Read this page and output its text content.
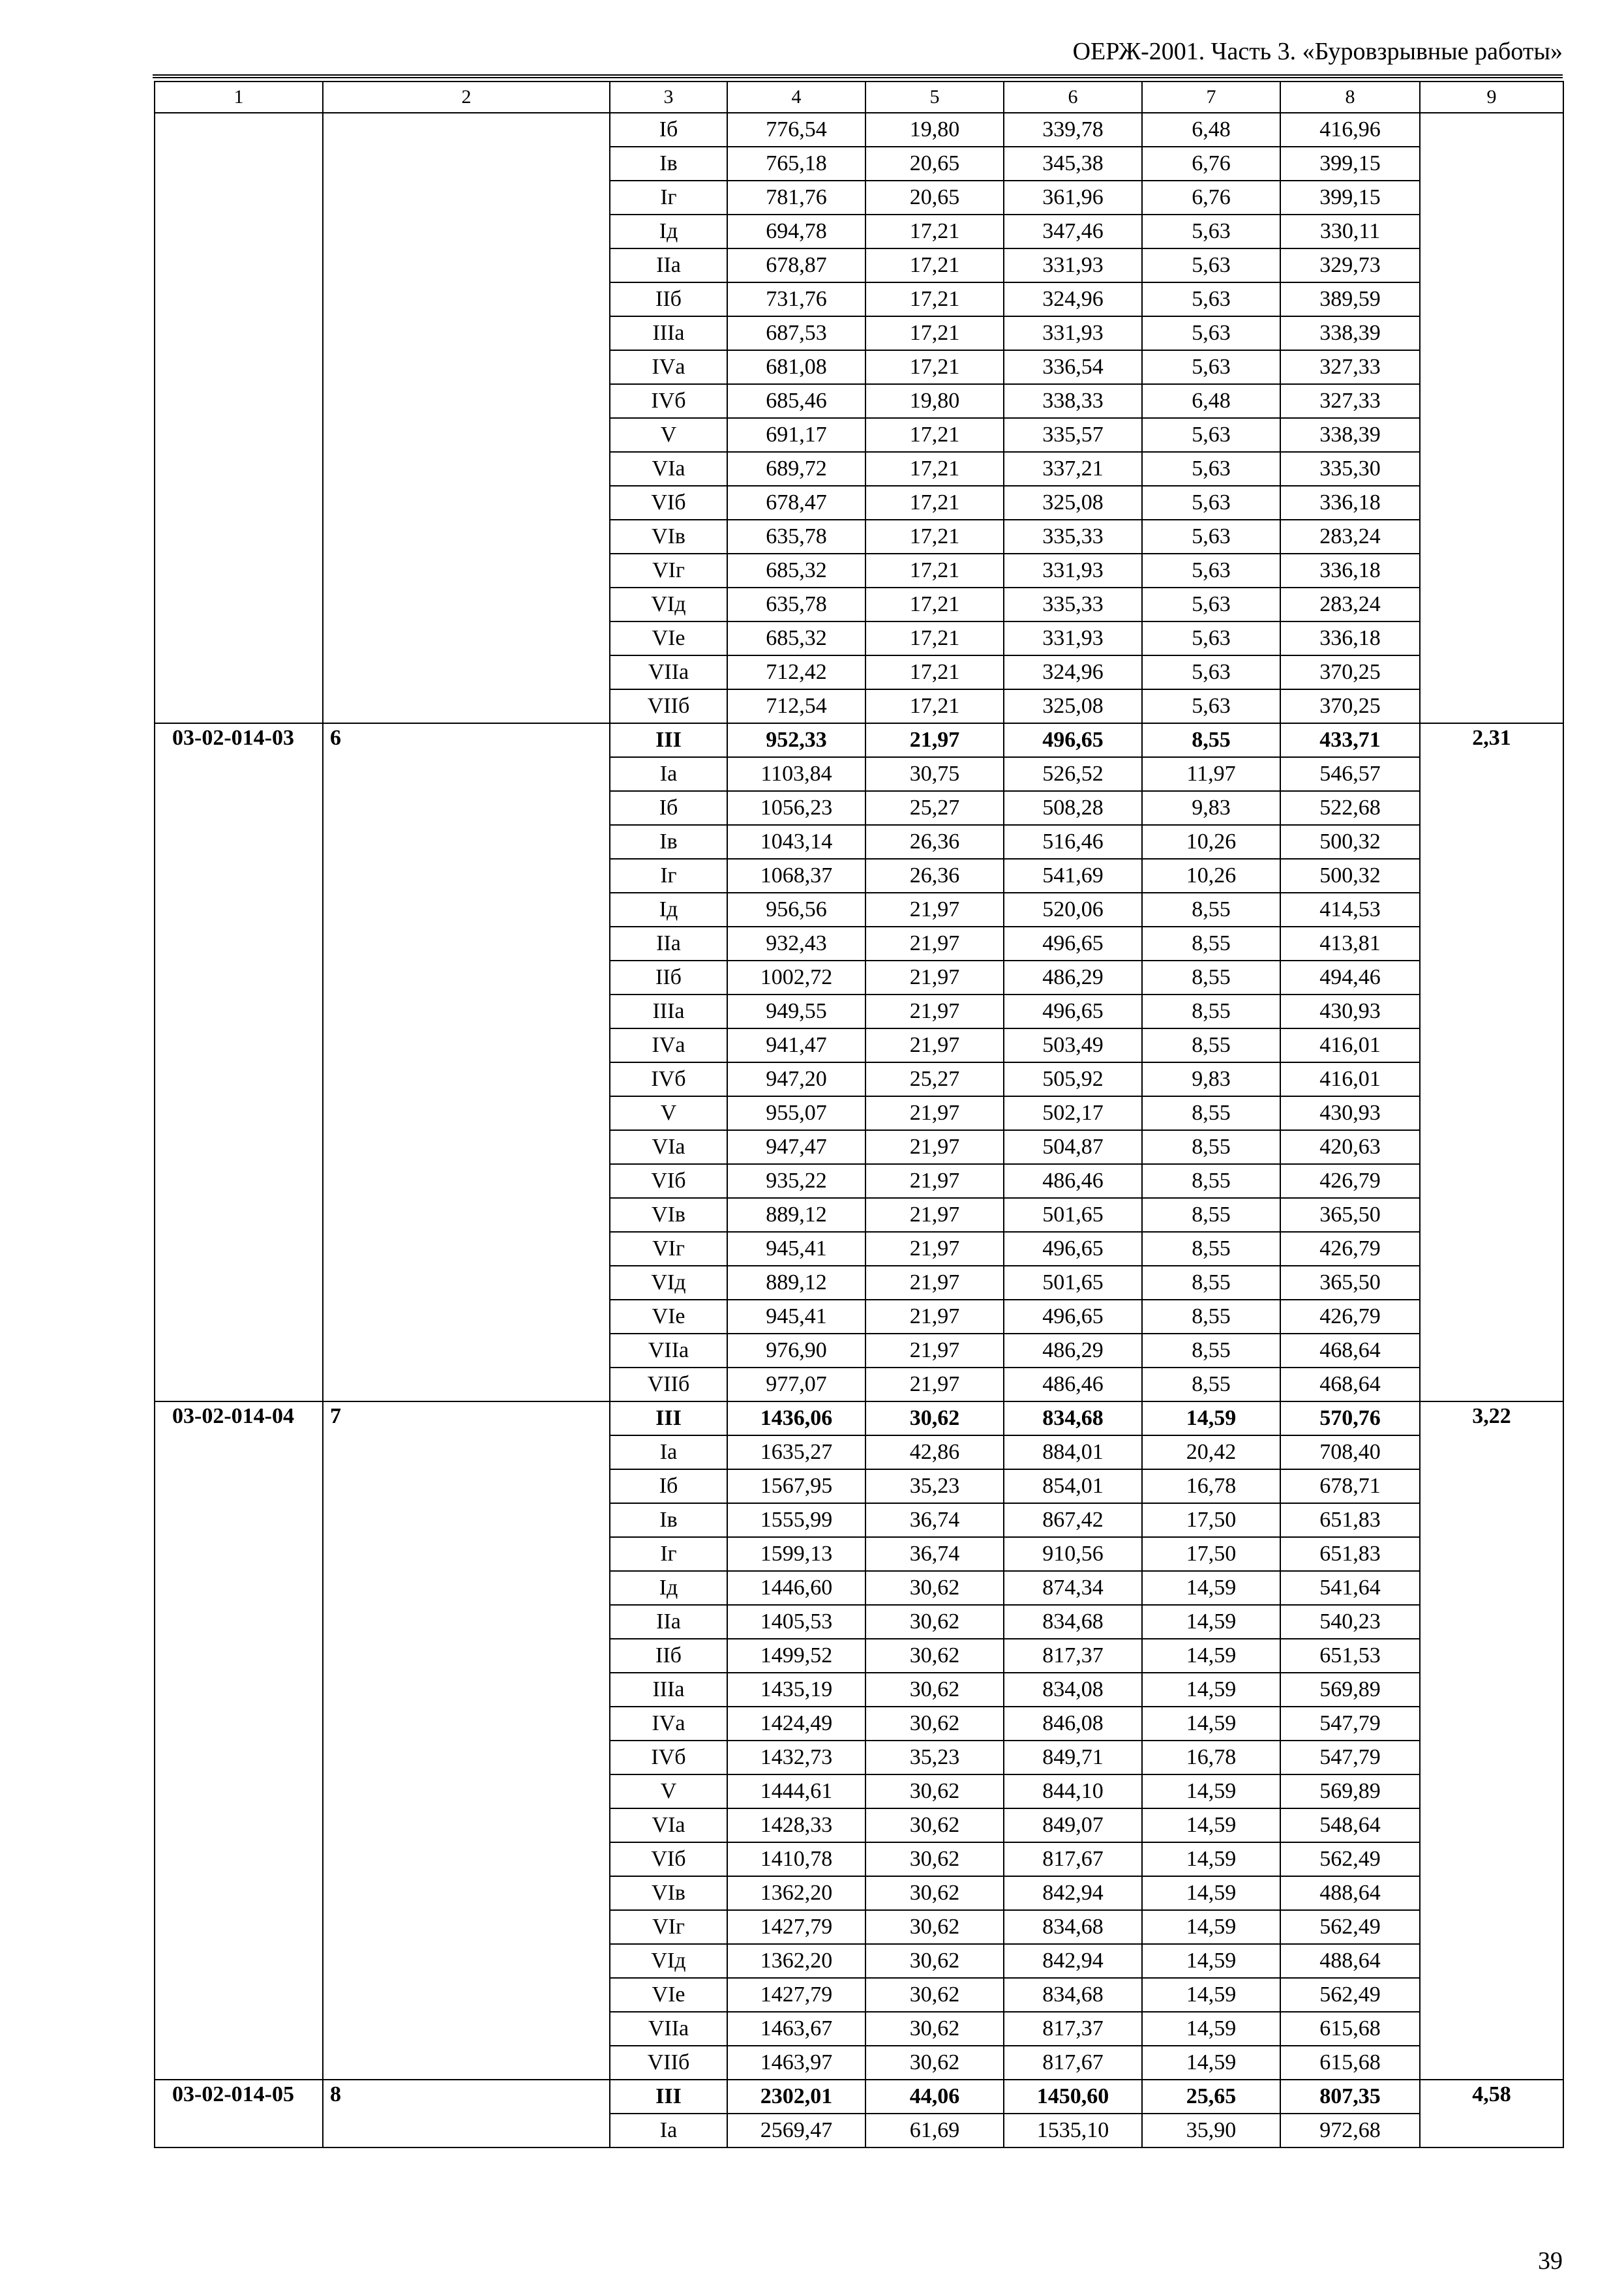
ОЕРЖ-2001. Часть 3. «Буровзрывные работы»
1	2	3	4	5	6	7	8	9
		Iб	776,54	19,80	339,78	6,48	416,96	
		Iв	765,18	20,65	345,38	6,76	399,15	
		Iг	781,76	20,65	361,96	6,76	399,15	
		Iд	694,78	17,21	347,46	5,63	330,11	
		IIа	678,87	17,21	331,93	5,63	329,73	
		IIб	731,76	17,21	324,96	5,63	389,59	
		IIIа	687,53	17,21	331,93	5,63	338,39	
		IVа	681,08	17,21	336,54	5,63	327,33	
		IVб	685,46	19,80	338,33	6,48	327,33	
		V	691,17	17,21	335,57	5,63	338,39	
		VIа	689,72	17,21	337,21	5,63	335,30	
		VIб	678,47	17,21	325,08	5,63	336,18	
		VIв	635,78	17,21	335,33	5,63	283,24	
		VIг	685,32	17,21	331,93	5,63	336,18	
		VIд	635,78	17,21	335,33	5,63	283,24	
		VIе	685,32	17,21	331,93	5,63	336,18	
		VIIа	712,42	17,21	324,96	5,63	370,25	
		VIIб	712,54	17,21	325,08	5,63	370,25	
03-02-014-03	6	III	952,33	21,97	496,65	8,55	433,71	2,31
		Iа	1103,84	30,75	526,52	11,97	546,57	
		Iб	1056,23	25,27	508,28	9,83	522,68	
		Iв	1043,14	26,36	516,46	10,26	500,32	
		Iг	1068,37	26,36	541,69	10,26	500,32	
		Iд	956,56	21,97	520,06	8,55	414,53	
		IIа	932,43	21,97	496,65	8,55	413,81	
		IIб	1002,72	21,97	486,29	8,55	494,46	
		IIIа	949,55	21,97	496,65	8,55	430,93	
		IVа	941,47	21,97	503,49	8,55	416,01	
		IVб	947,20	25,27	505,92	9,83	416,01	
		V	955,07	21,97	502,17	8,55	430,93	
		VIа	947,47	21,97	504,87	8,55	420,63	
		VIб	935,22	21,97	486,46	8,55	426,79	
		VIв	889,12	21,97	501,65	8,55	365,50	
		VIг	945,41	21,97	496,65	8,55	426,79	
		VIд	889,12	21,97	501,65	8,55	365,50	
		VIе	945,41	21,97	496,65	8,55	426,79	
		VIIа	976,90	21,97	486,29	8,55	468,64	
		VIIб	977,07	21,97	486,46	8,55	468,64	
03-02-014-04	7	III	1436,06	30,62	834,68	14,59	570,76	3,22
		Iа	1635,27	42,86	884,01	20,42	708,40	
		Iб	1567,95	35,23	854,01	16,78	678,71	
		Iв	1555,99	36,74	867,42	17,50	651,83	
		Iг	1599,13	36,74	910,56	17,50	651,83	
		Iд	1446,60	30,62	874,34	14,59	541,64	
		IIа	1405,53	30,62	834,68	14,59	540,23	
		IIб	1499,52	30,62	817,37	14,59	651,53	
		IIIа	1435,19	30,62	834,08	14,59	569,89	
		IVа	1424,49	30,62	846,08	14,59	547,79	
		IVб	1432,73	35,23	849,71	16,78	547,79	
		V	1444,61	30,62	844,10	14,59	569,89	
		VIа	1428,33	30,62	849,07	14,59	548,64	
		VIб	1410,78	30,62	817,67	14,59	562,49	
		VIв	1362,20	30,62	842,94	14,59	488,64	
		VIг	1427,79	30,62	834,68	14,59	562,49	
		VIд	1362,20	30,62	842,94	14,59	488,64	
		VIе	1427,79	30,62	834,68	14,59	562,49	
		VIIа	1463,67	30,62	817,37	14,59	615,68	
		VIIб	1463,97	30,62	817,67	14,59	615,68	
03-02-014-05	8	III	2302,01	44,06	1450,60	25,65	807,35	4,58
		Iа	2569,47	61,69	1535,10	35,90	972,68	
39
